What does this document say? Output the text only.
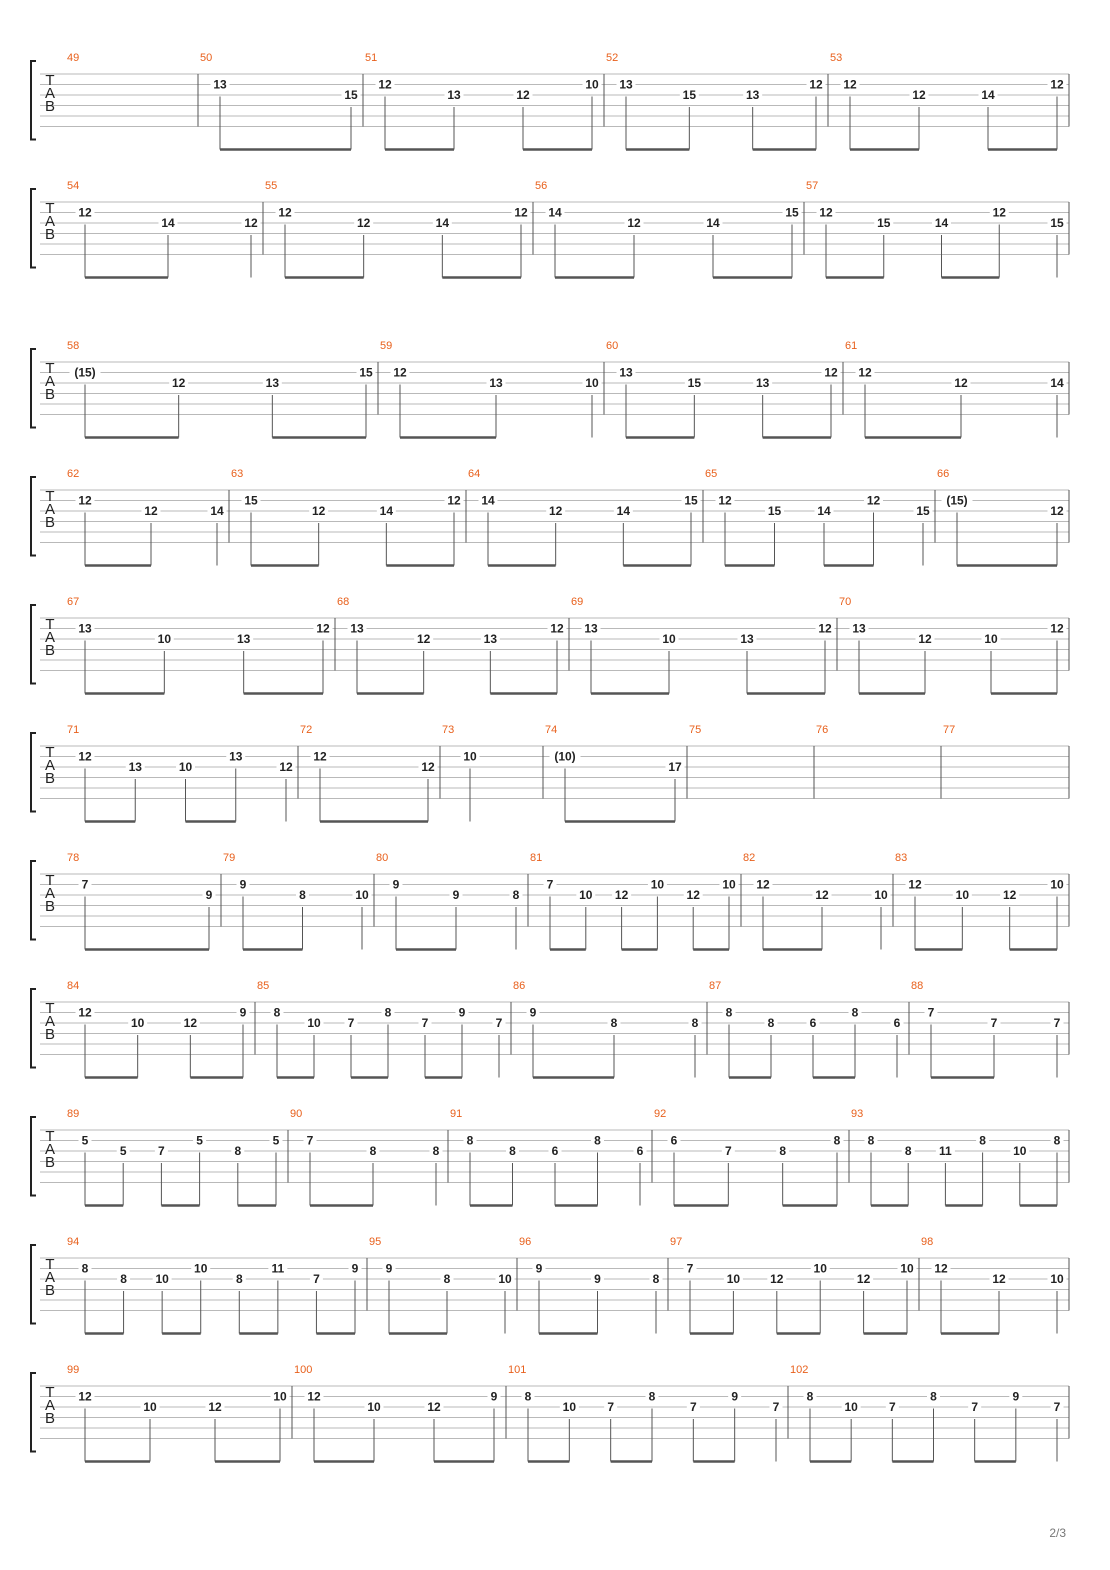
T
A
B
49	50
13
15
51
12
13	12
10
52
13
15	13
12
53
12
12	14
12
T
A
B
54
12
14	12
55
12
12	14
12
56
14
12	14
15
57
12
15	14
12
15
T
A
B
58
(15)
12	13
15
59
12
13	10
60
13
15	13
12
61
12
12	14
T
A
B
62
12
12	14
63
15
12	14
12
64
14
12	14
15
65
12
15	14
12
15
66
(15)
12
T
A
B
67
13
10	13
12
68
13
12	13
12
69
13
10	13
12
70
13
12	10
12
T
A
B
71
12
13	10
13
12
72
12
12
73
10
74
(10)
17
75	76	77
T
A
B
78
7
9
79
9
8	10
80
9
9	8
81
7
10 12
10
12
10
82
12
12	10
83
12
10	12
10
T
A
B
84
12
10	12
9
85
8
10 7
8
7
9
7
86
9
8	8
87
8
8	6
8
6
88
7
7	7
T
A
B
89
5
5	7
5
8
5
90
7
8	8
91
8
8	6
8
6
92
6
7	8
8
93
8
8 11
8
10
8
T
A
B
94
8
8 10
10
8
11
7
9
95
9
8	10
96
9
9	8
97
7
10	12
10
12
10
98
12
12	10
T
A
B
99
12
10	12
10
100
12
10	12
9
101
8
10	7
8
7
9
7
102
8
10	7
8
7
9
7
2/3
